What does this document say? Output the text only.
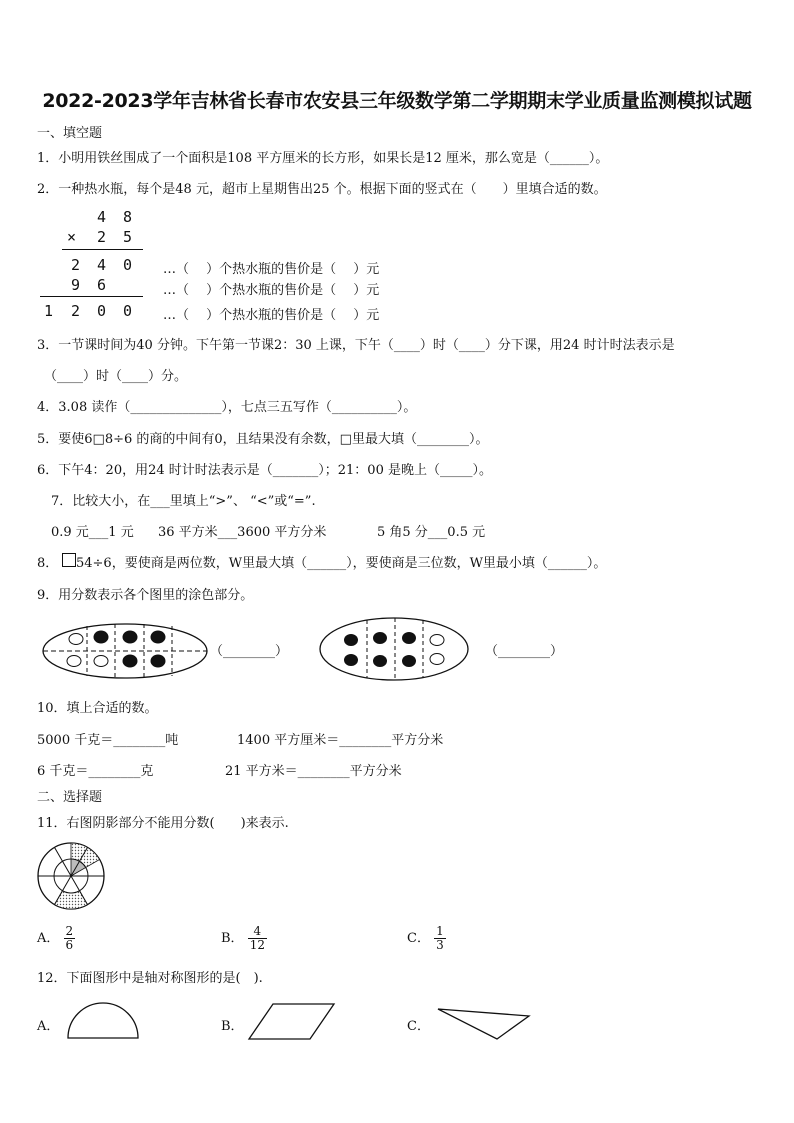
2022-2023学年吉林省长春市农安县三年级数学第二学期期末学业质量监测模拟试题
一、填空题
1．小明用铁丝围成了一个面积是108 平方厘米的长方形，如果长是12 厘米，那么宽是（______）。
2．一种热水瓶，每个是48 元，超市上星期售出25 个。根据下面的竖式在（　　）里填合适的数。
4 8
× 2 5
2 4 0
9 6
1 2 0 0
…（　 ）个热水瓶的售价是（　 ）元
…（　 ）个热水瓶的售价是（　 ）元
…（　 ）个热水瓶的售价是（　 ）元
3．一节课时间为40 分钟。下午第一节课2：30 上课，下午（____）时（____）分下课，用24 时计时法表示是
（____）时（____）分。
4．3.08 读作（______________），七点三五写作（__________）。
5．要使6□8÷6 的商的中间有0，且结果没有余数，□里最大填（________）。
6．下午4：20，用24 时计时法表示是（_______）；21：00 是晚上（_____）。
7．比较大小，在___里填上“>”、 “<”或“=”.
0.9 元___1 元 36 平方米___3600 平方分米	5 角5 分___0.5 元
8． 54÷6，要使商是两位数，W里最大填（______），要使商是三位数，W里最小填（______）。
9．用分数表示各个图里的涂色部分。
（________）	（________）
10．填上合适的数。
5000 千克＝________吨	1400 平方厘米＝________平方分米
6 千克＝________克	21 平方米＝________平方分米
二、选择题
11．右图阴影部分不能用分数(　　)来表示.
A． $\frac{2}{6}$	B． $\frac{4}{12}$	C． $\frac{1}{3}$
12．下面图形中是轴对称图形的是(　).
A．	B．	C．
